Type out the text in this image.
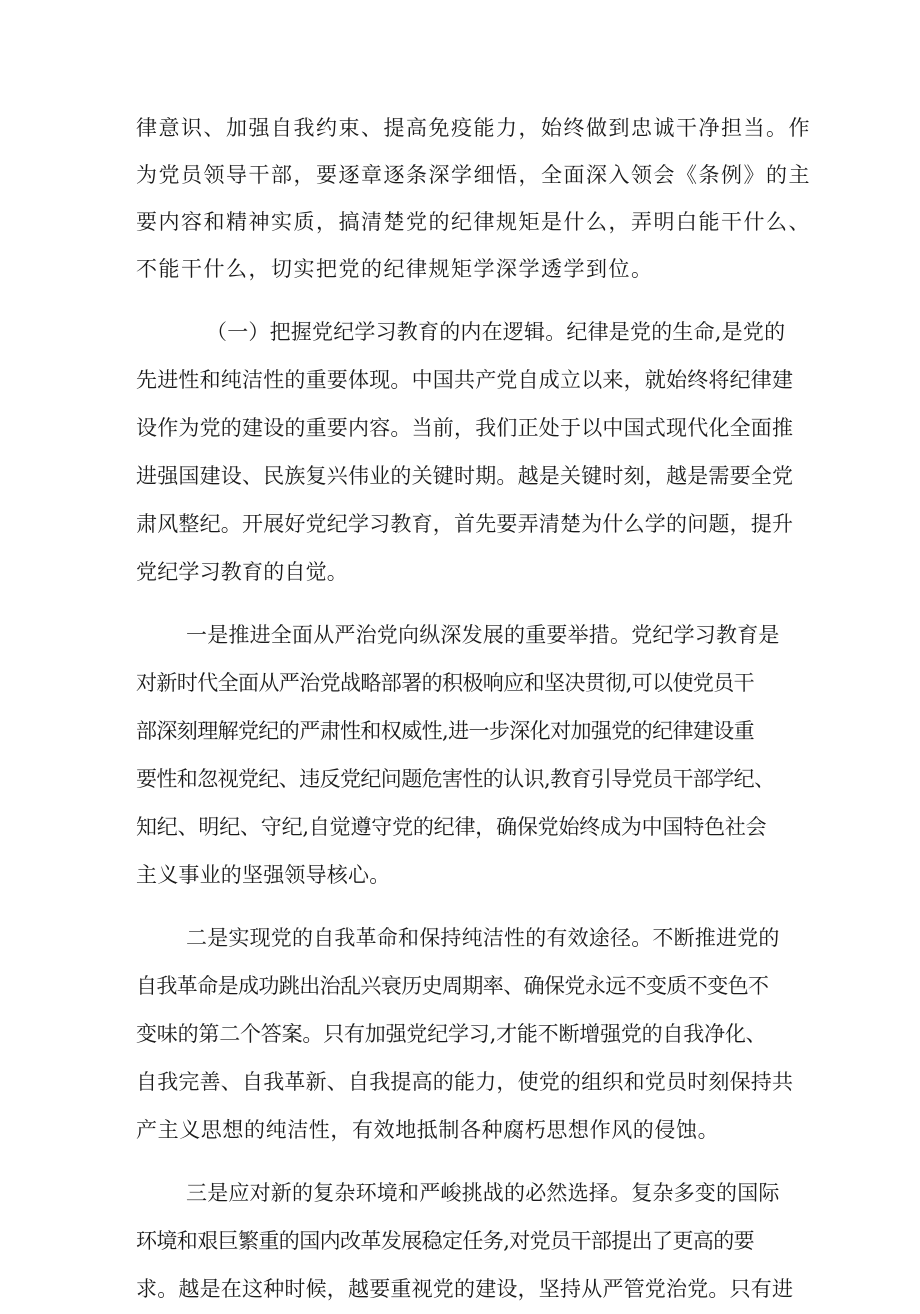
律意识、加强自我约束、提高免疫能力，始终做到忠诚干净担当。作
为党员领导干部，要逐章逐条深学细悟，全面深入领会《条例》的主
要内容和精神实质，搞清楚党的纪律规矩是什么，弄明白能干什么、
不能干什么，切实把党的纪律规矩学深学透学到位。
（一）把握党纪学习教育的内在逻辑。纪律是党的生命,是党的
先进性和纯洁性的重要体现。中国共产党自成立以来，就始终将纪律建
设作为党的建设的重要内容。当前，我们正处于以中国式现代化全面推
进强国建设、民族复兴伟业的关键时期。越是关键时刻，越是需要全党
肃风整纪。开展好党纪学习教育，首先要弄清楚为什么学的问题，提升
党纪学习教育的自觉。
一是推进全面从严治党向纵深发展的重要举措。党纪学习教育是
对新时代全面从严治党战略部署的积极响应和坚决贯彻,可以使党员干
部深刻理解党纪的严肃性和权威性,进一步深化对加强党的纪律建设重
要性和忽视党纪、违反党纪问题危害性的认识,教育引导党员干部学纪、
知纪、明纪、守纪,自觉遵守党的纪律，确保党始终成为中国特色社会
主义事业的坚强领导核心。
二是实现党的自我革命和保持纯洁性的有效途径。不断推进党的
自我革命是成功跳出治乱兴衰历史周期率、确保党永远不变质不变色不
变味的第二个答案。只有加强党纪学习,才能不断增强党的自我净化、
自我完善、自我革新、自我提高的能力，使党的组织和党员时刻保持共
产主义思想的纯洁性，有效地抵制各种腐朽思想作风的侵蚀。
三是应对新的复杂环境和严峻挑战的必然选择。复杂多变的国际
环境和艰巨繁重的国内改革发展稳定任务,对党员干部提出了更高的要
求。越是在这种时候，越要重视党的建设，坚持从严管党治党。只有进
